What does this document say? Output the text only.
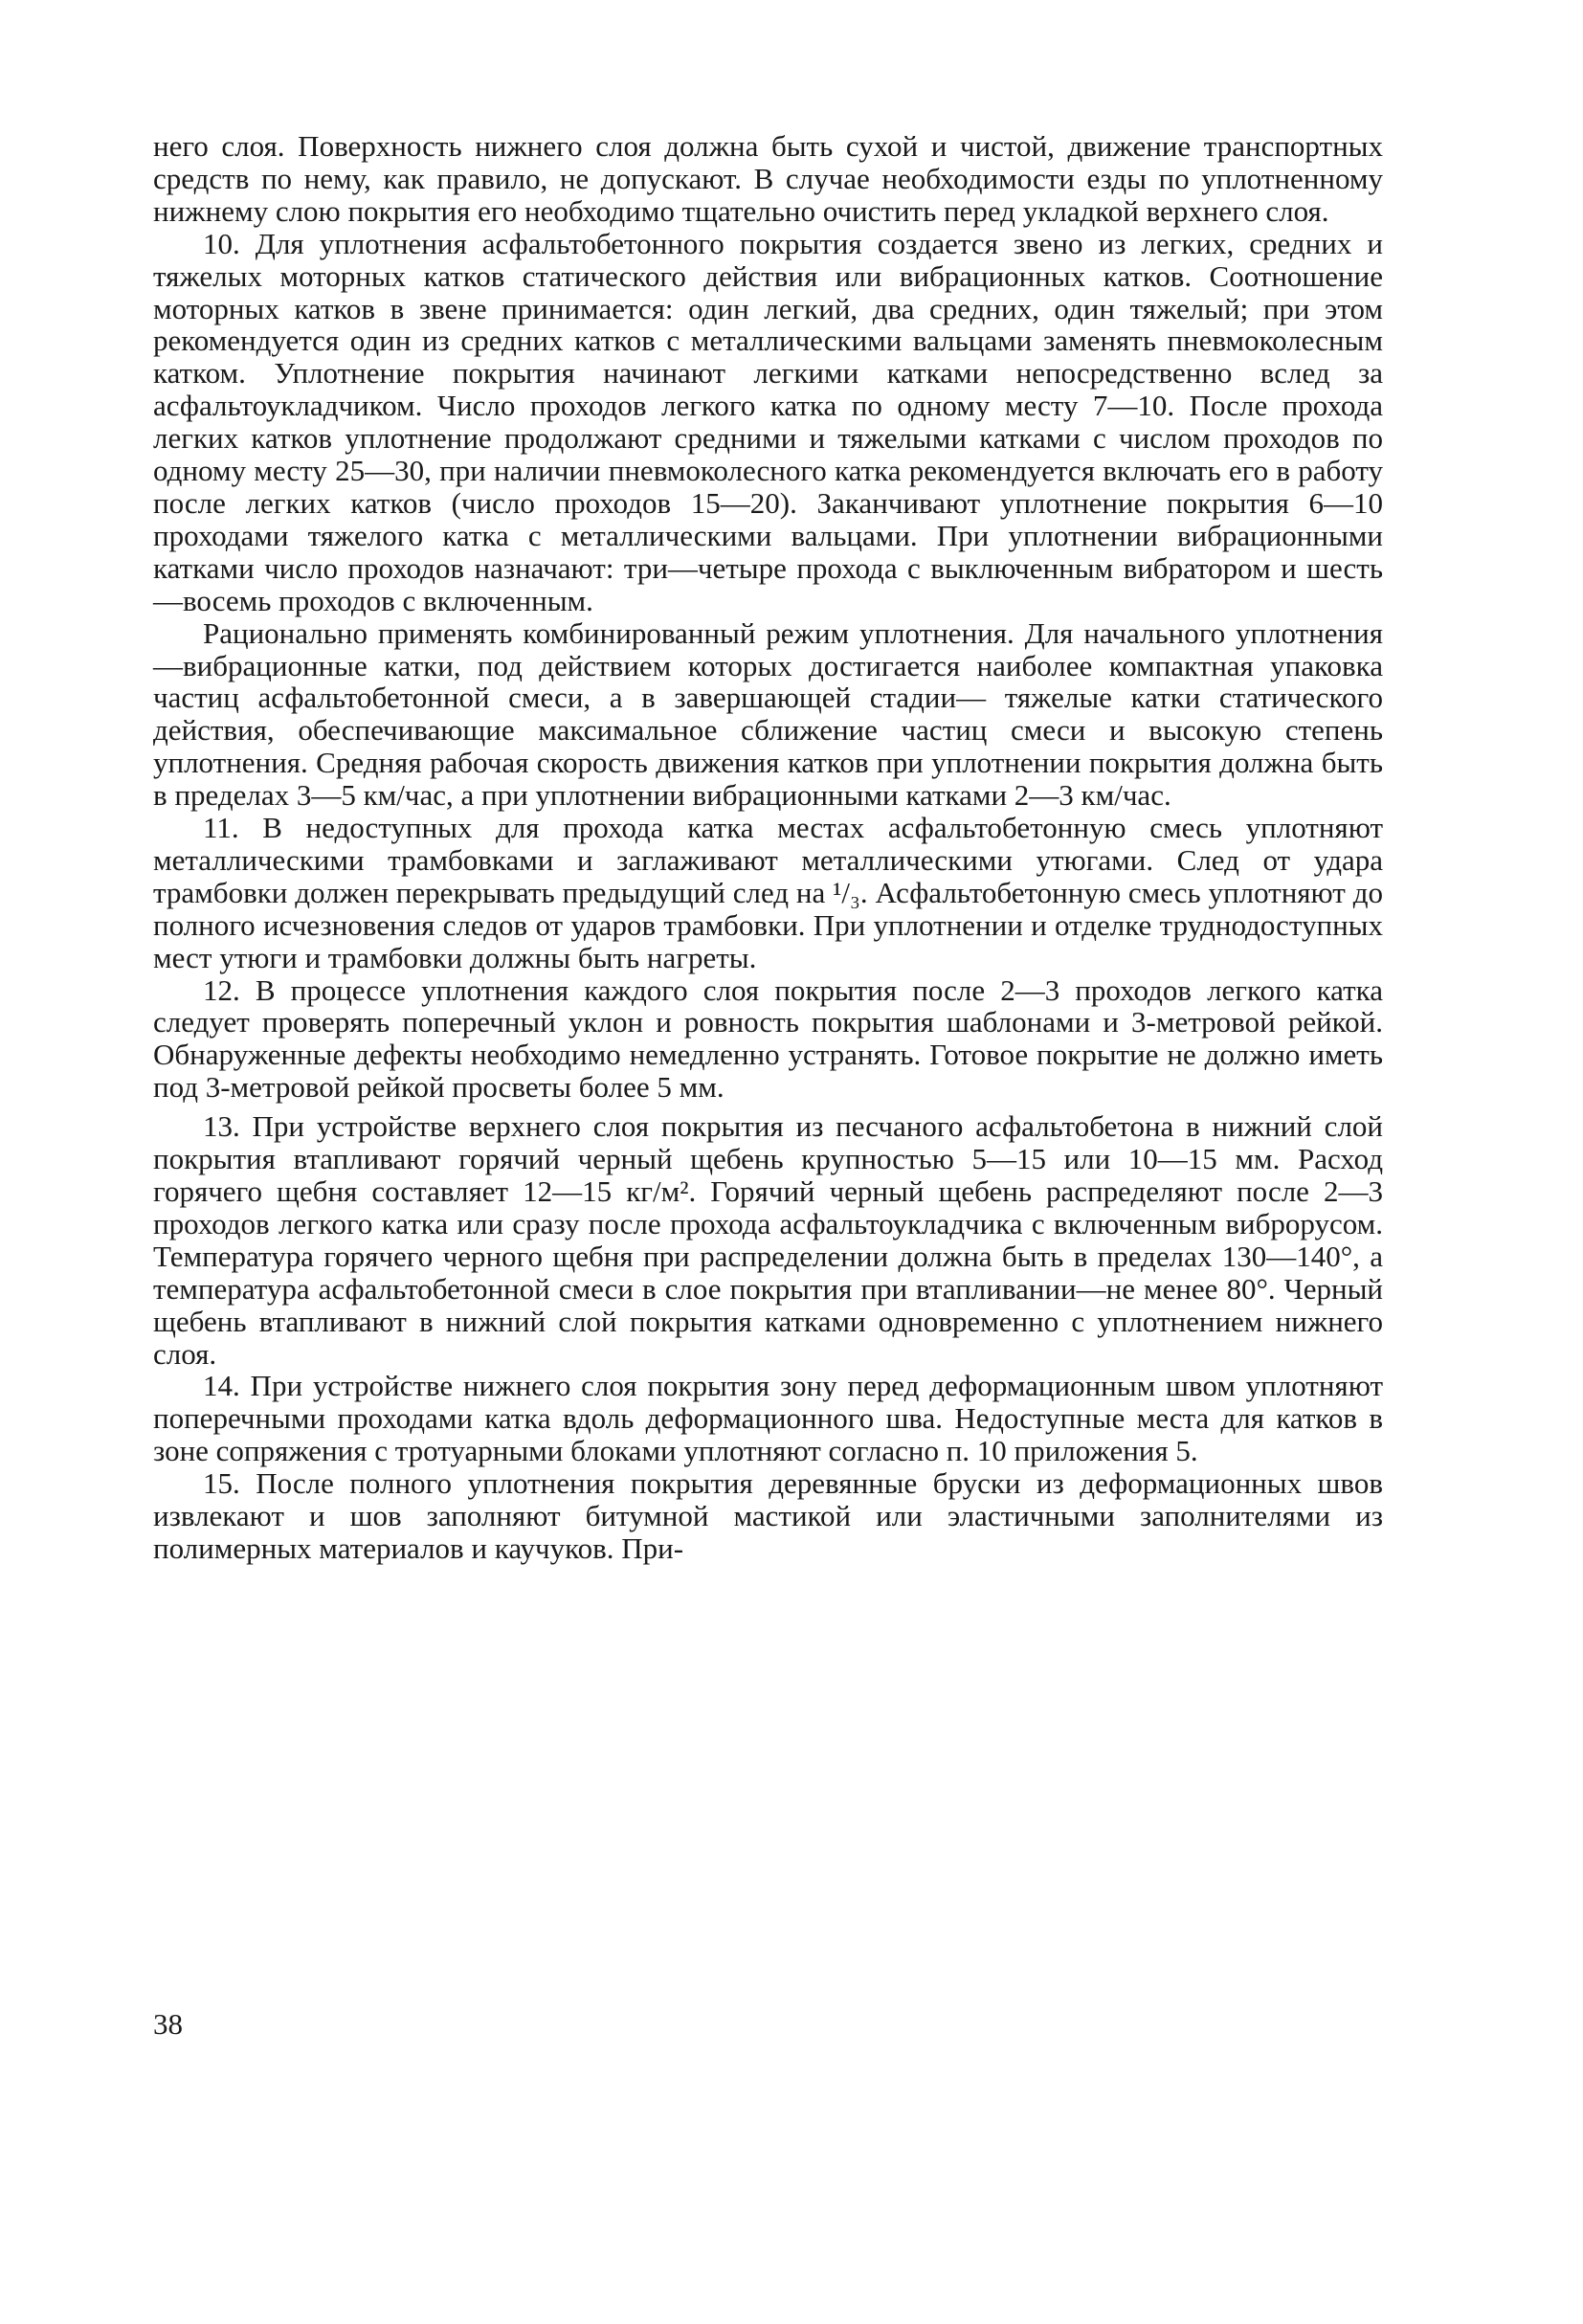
него слоя. Поверхность нижнего слоя должна быть сухой и чистой, движение транспортных средств по нему, как правило, не допускают. В случае необходимости езды по уплотненному нижнему слою покрытия его необходимо тщательно очистить перед укладкой верхнего слоя.

10. Для уплотнения асфальтобетонного покрытия создается звено из легких, средних и тяжелых моторных катков статического действия или вибрационных катков. Соотношение моторных катков в звене принимается: один легкий, два средних, один тяжелый; при этом рекомендуется один из средних катков с металлическими вальцами заменять пневмоколесным катком. Уплотнение покрытия начинают легкими катками непосредственно вслед за асфальтоукладчиком. Число проходов легкого катка по одному месту 7—10. После прохода легких катков уплотнение продолжают средними и тяжелыми катками с числом проходов по одному месту 25—30, при наличии пневмоколесного катка рекомендуется включать его в работу после легких катков (число проходов 15—20). Заканчивают уплотнение покрытия 6—10 проходами тяжелого катка с металлическими вальцами. При уплотнении вибрационными катками число проходов назначают: три—четыре прохода с выключенным вибратором и шесть—восемь проходов с включенным.

Рационально применять комбинированный режим уплотнения. Для начального уплотнения—вибрационные катки, под действием которых достигается наиболее компактная упаковка частиц асфальтобетонной смеси, а в завершающей стадии— тяжелые катки статического действия, обеспечивающие максимальное сближение частиц смеси и высокую степень уплотнения. Средняя рабочая скорость движения катков при уплотнении покрытия должна быть в пределах 3—5 км/час, а при уплотнении вибрационными катками 2—3 км/час.

11. В недоступных для прохода катка местах асфальтобетонную смесь уплотняют металлическими трамбовками и заглаживают металлическими утюгами. След от удара трамбовки должен перекрывать предыдущий след на ¹/₃. Асфальтобетонную смесь уплотняют до полного исчезновения следов от ударов трамбовки. При уплотнении и отделке труднодоступных мест утюги и трамбовки должны быть нагреты.

12. В процессе уплотнения каждого слоя покрытия после 2—3 проходов легкого катка следует проверять поперечный уклон и ровность покрытия шаблонами и 3-метровой рейкой. Обнаруженные дефекты необходимо немедленно устранять. Готовое покрытие не должно иметь под 3-метровой рейкой просветы более 5 мм.

13. При устройстве верхнего слоя покрытия из песчаного асфальтобетона в нижний слой покрытия втапливают горячий черный щебень крупностью 5—15 или 10—15 мм. Расход горячего щебня составляет 12—15 кг/м². Горячий черный щебень распределяют после 2—3 проходов легкого катка или сразу после прохода асфальтоукладчика с включенным виброрусом. Температура горячего черного щебня при распределении должна быть в пределах 130—140°, а температура асфальтобетонной смеси в слое покрытия при втапливании—не менее 80°. Черный щебень втапливают в нижний слой покрытия катками одновременно с уплотнением нижнего слоя.

14. При устройстве нижнего слоя покрытия зону перед деформационным швом уплотняют поперечными проходами катка вдоль деформационного шва. Недоступные места для катков в зоне сопряжения с тротуарными блоками уплотняют согласно п. 10 приложения 5.

15. После полного уплотнения покрытия деревянные бруски из деформационных швов извлекают и шов заполняют битумной мастикой или эластичными заполнителями из полимерных материалов и каучуков. При-

38
